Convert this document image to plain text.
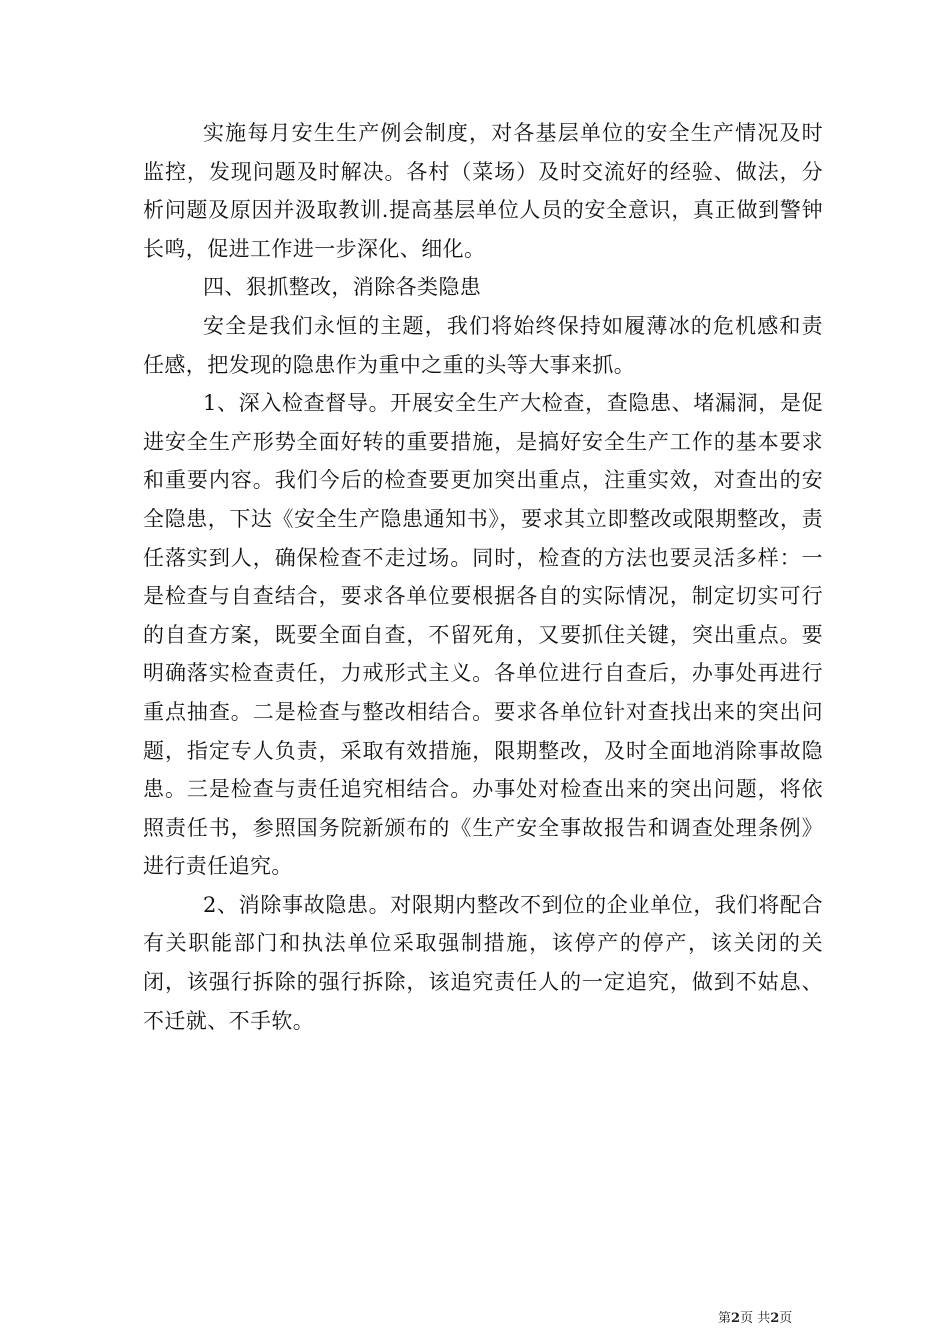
实施每月安生生产例会制度，对各基层单位的安全生产情况及时监控，发现问题及时解决。各村（菜场）及时交流好的经验、做法，分析问题及原因并汲取教训.提高基层单位人员的安全意识，真正做到警钟长鸣，促进工作进一步深化、细化。

四、狠抓整改，消除各类隐患

安全是我们永恒的主题，我们将始终保持如履薄冰的危机感和责任感，把发现的隐患作为重中之重的头等大事来抓。

1、深入检查督导。开展安全生产大检查，查隐患、堵漏洞，是促进安全生产形势全面好转的重要措施，是搞好安全生产工作的基本要求和重要内容。我们今后的检查要更加突出重点，注重实效，对查出的安全隐患，下达《安全生产隐患通知书》，要求其立即整改或限期整改，责任落实到人，确保检查不走过场。同时，检查的方法也要灵活多样：一是检查与自查结合，要求各单位要根据各自的实际情况，制定切实可行的自查方案，既要全面自查，不留死角，又要抓住关键，突出重点。要明确落实检查责任，力戒形式主义。各单位进行自查后，办事处再进行重点抽查。二是检查与整改相结合。要求各单位针对查找出来的突出问题，指定专人负责，采取有效措施，限期整改，及时全面地消除事故隐患。三是检查与责任追究相结合。办事处对检查出来的突出问题，将依照责任书，参照国务院新颁布的《生产安全事故报告和调查处理条例》进行责任追究。

2、消除事故隐患。对限期内整改不到位的企业单位，我们将配合有关职能部门和执法单位采取强制措施，该停产的停产，该关闭的关闭，该强行拆除的强行拆除，该追究责任人的一定追究，做到不姑息、不迁就、不手软。

第2页 共2页
